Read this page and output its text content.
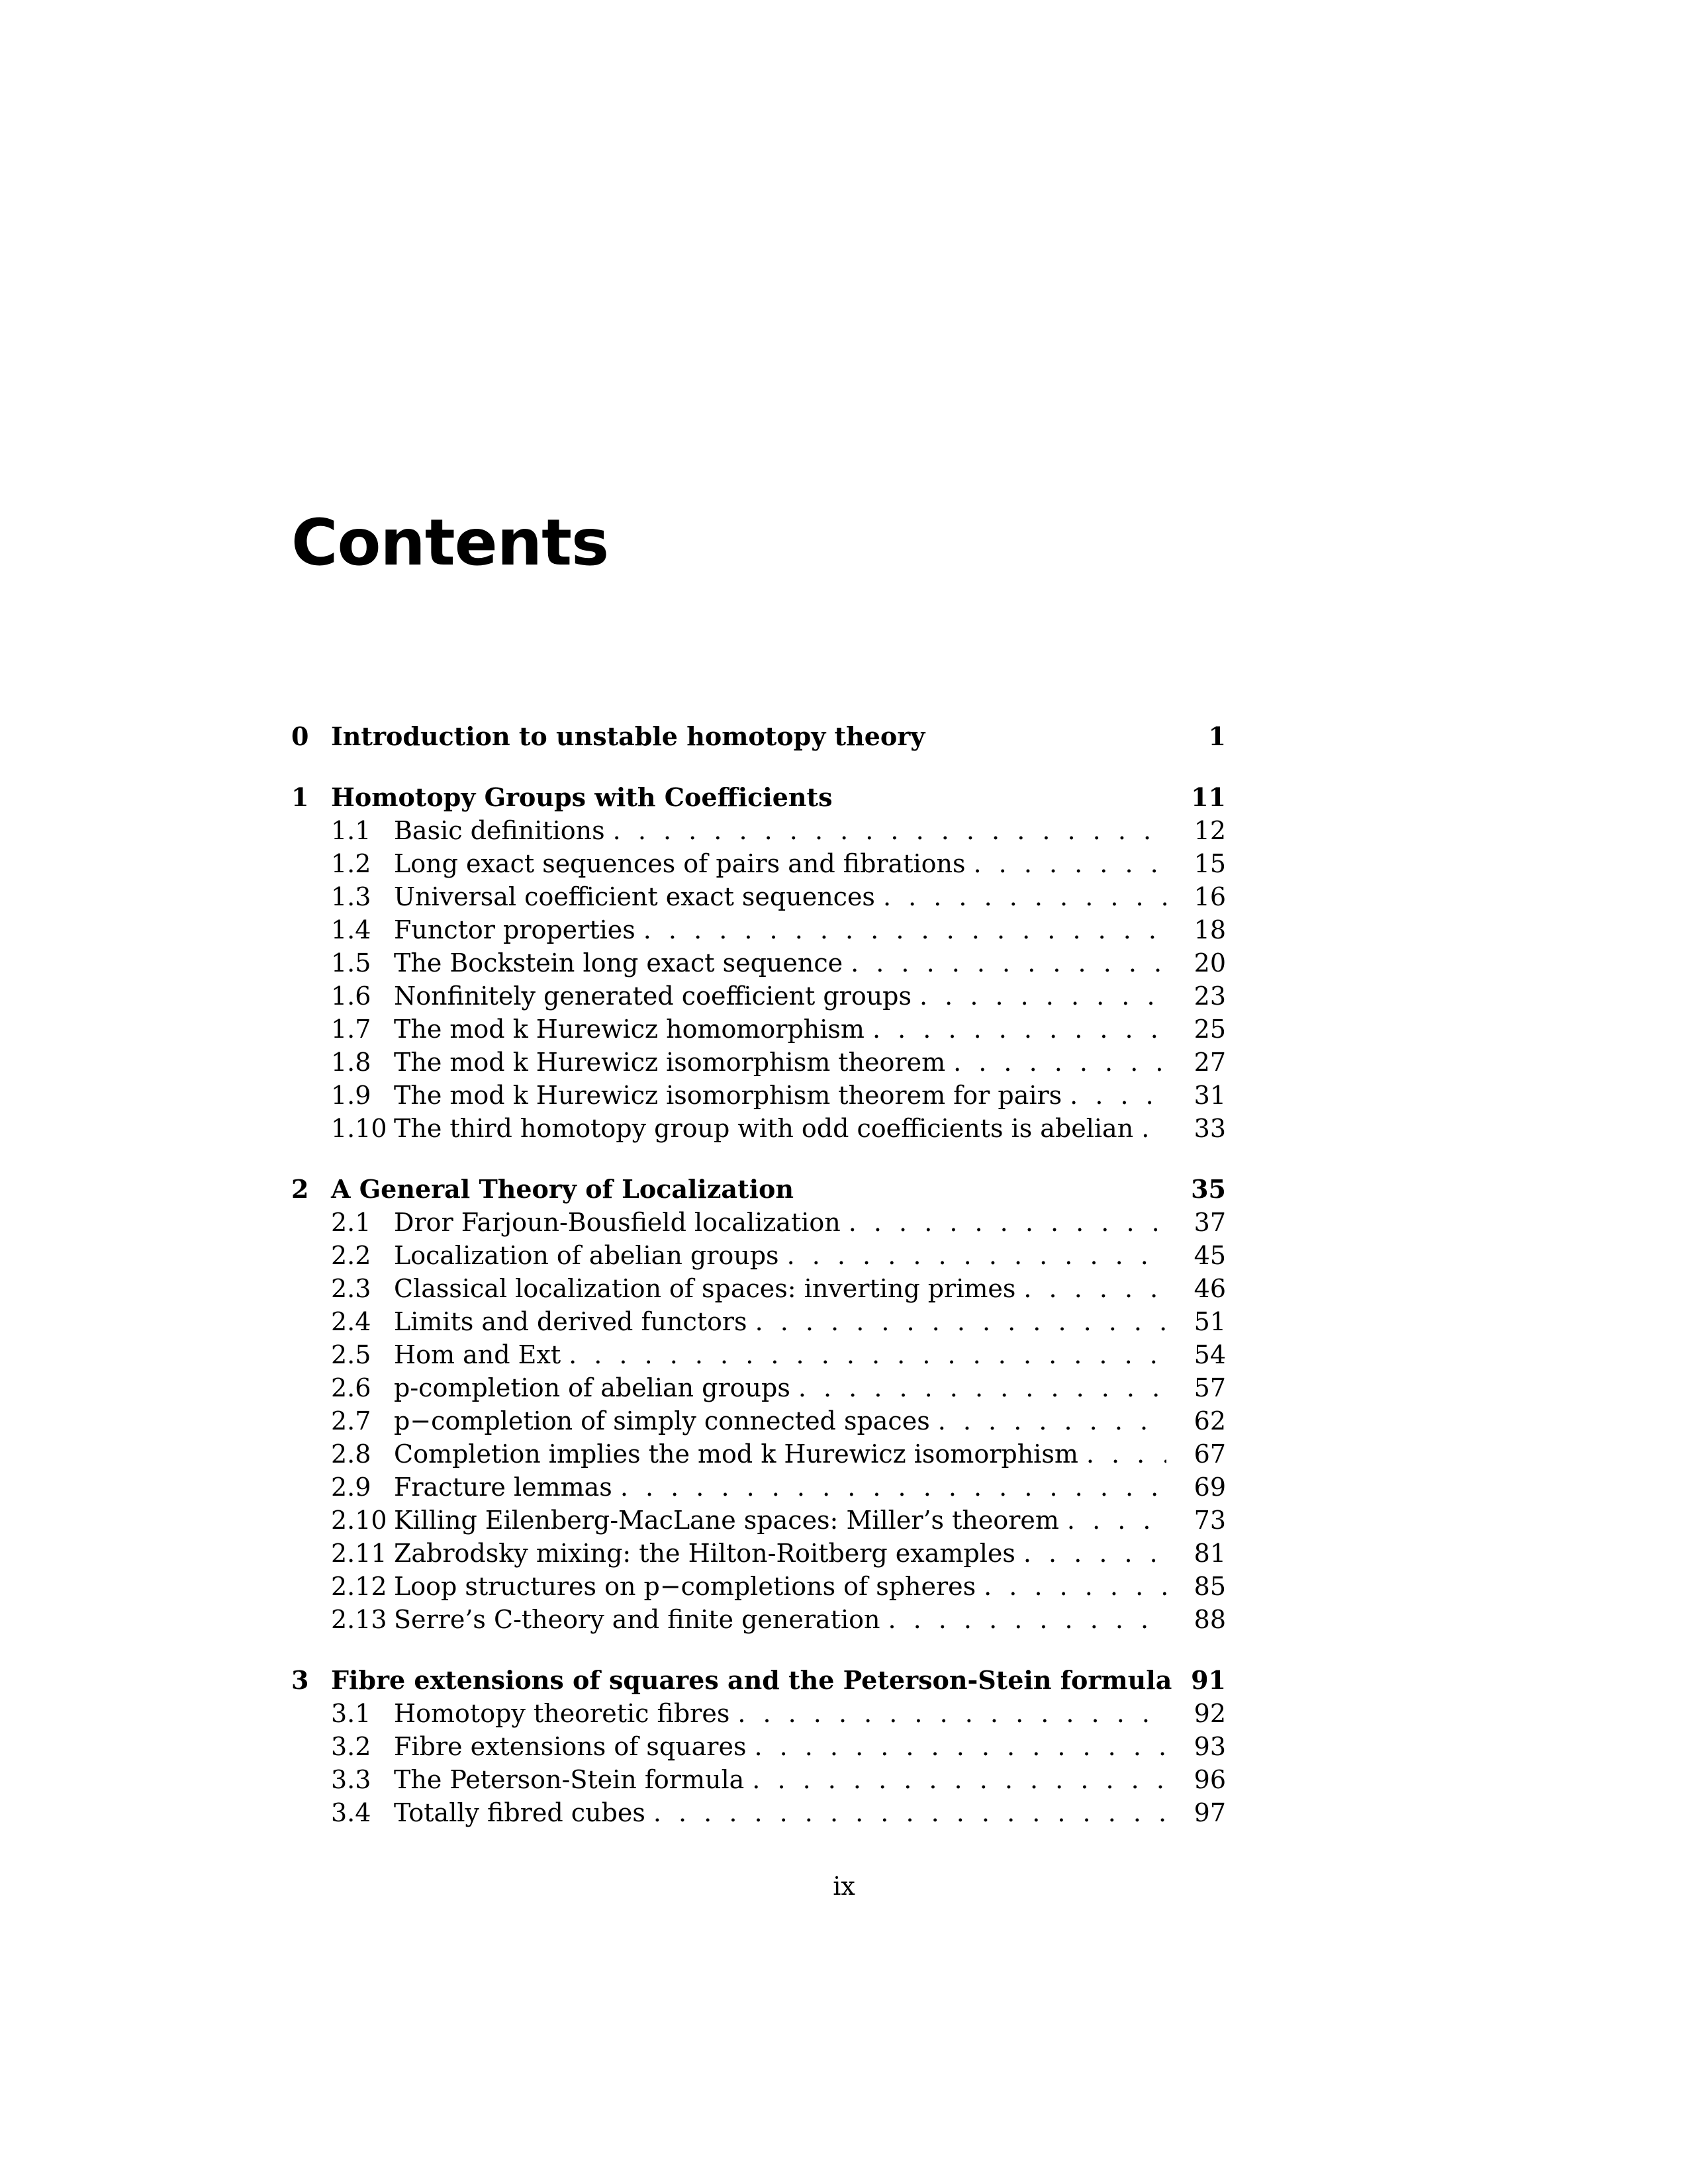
Contents
0 Introduction to unstable homotopy theory	1
1 Homotopy Groups with Coefficients	11
1.1 Basic definitions . . .	12
1.2 Long exact sequences of pairs and fibrations . . .	15
1.3 Universal coefficient exact sequences . . .	16
1.4 Functor properties . . .	18
1.5 The Bockstein long exact sequence . . .	20
1.6 Nonfinitely generated coefficient groups . . .	23
1.7 The mod k Hurewicz homomorphism . . .	25
1.8 The mod k Hurewicz isomorphism theorem . . .	27
1.9 The mod k Hurewicz isomorphism theorem for pairs . . .	31
1.10 The third homotopy group with odd coefficients is abelian . . .	33
2 A General Theory of Localization	35
2.1 Dror Farjoun-Bousfield localization . . .	37
2.2 Localization of abelian groups . . .	45
2.3 Classical localization of spaces: inverting primes . . .	46
2.4 Limits and derived functors . . .	51
2.5 Hom and Ext . . .	54
2.6 p-completion of abelian groups . . .	57
2.7 p−completion of simply connected spaces . . .	62
2.8 Completion implies the mod k Hurewicz isomorphism . . .	67
2.9 Fracture lemmas . . .	69
2.10 Killing Eilenberg-MacLane spaces: Miller’s theorem . . .	73
2.11 Zabrodsky mixing: the Hilton-Roitberg examples . . .	81
2.12 Loop structures on p−completions of spheres . . .	85
2.13 Serre’s C-theory and finite generation . . .	88
3 Fibre extensions of squares and the Peterson-Stein formula 91
3.1 Homotopy theoretic fibres . . .	92
3.2 Fibre extensions of squares . . .	93
3.3 The Peterson-Stein formula . . .	96
3.4 Totally fibred cubes . . .	97
ix
